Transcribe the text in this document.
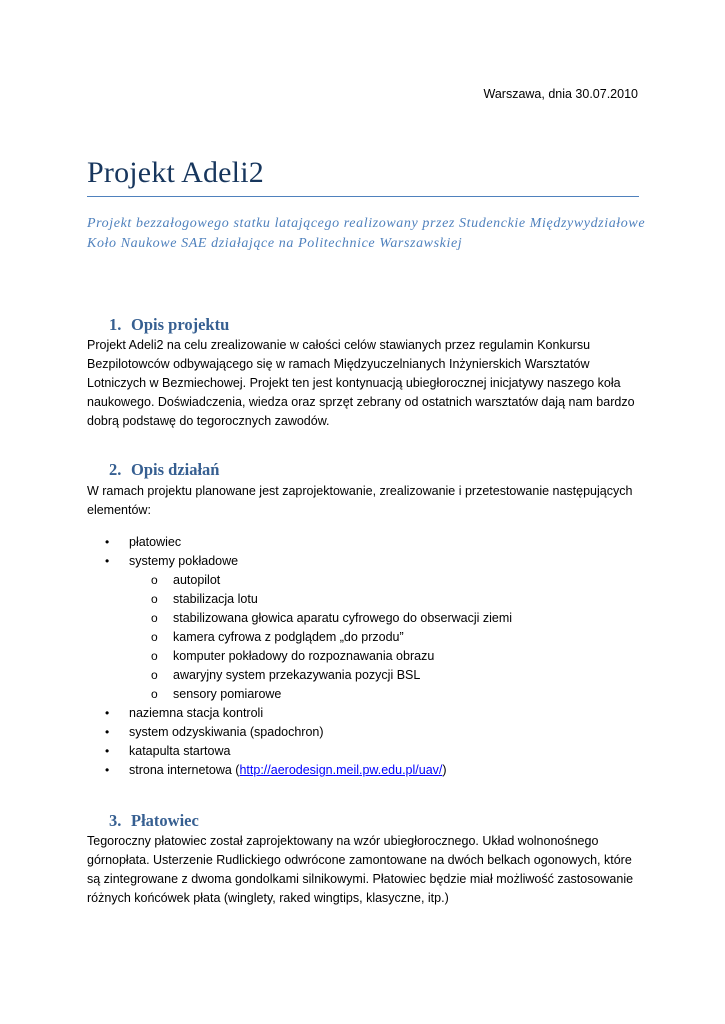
Warszawa, dnia 30.07.2010
Projekt Adeli2

Projekt bezzałogowego statku latającego realizowany przez Studenckie Międzywydziałowe Koło Naukowe SAE działające na Politechnice Warszawskiej

1. Opis projektu

Projekt Adeli2 na celu zrealizowanie w całości celów stawianych przez regulamin Konkursu Bezpilotowców odbywającego się w ramach Międzyuczelnianych Inżynierskich Warsztatów Lotniczych w Bezmiechowej. Projekt ten jest kontynuacją ubiegłorocznej inicjatywy naszego koła naukowego. Doświadczenia, wiedza oraz sprzęt zebrany od ostatnich warsztatów dają nam bardzo dobrą podstawę do tegorocznych zawodów.

2. Opis działań

W ramach projektu planowane jest zaprojektowanie, zrealizowanie i przetestowanie następujących elementów:

• płatowiec
• systemy pokładowe
o autopilot
o stabilizacja lotu
o stabilizowana głowica aparatu cyfrowego do obserwacji ziemi
o kamera cyfrowa z podglądem „do przodu”
o komputer pokładowy do rozpoznawania obrazu
o awaryjny system przekazywania pozycji BSL
o sensory pomiarowe
• naziemna stacja kontroli
• system odzyskiwania (spadochron)
• katapulta startowa
• strona internetowa (http://aerodesign.meil.pw.edu.pl/uav/)
3. Płatowiec

Tegoroczny płatowiec został zaprojektowany na wzór ubiegłorocznego. Układ wolnonośnego górnopłata. Usterzenie Rudlickiego odwrócone zamontowane na dwóch belkach ogonowych, które są zintegrowane z dwoma gondolkami silnikowymi. Płatowiec będzie miał możliwość zastosowanie różnych końcówek płata (winglety, raked wingtips, klasyczne, itp.)
